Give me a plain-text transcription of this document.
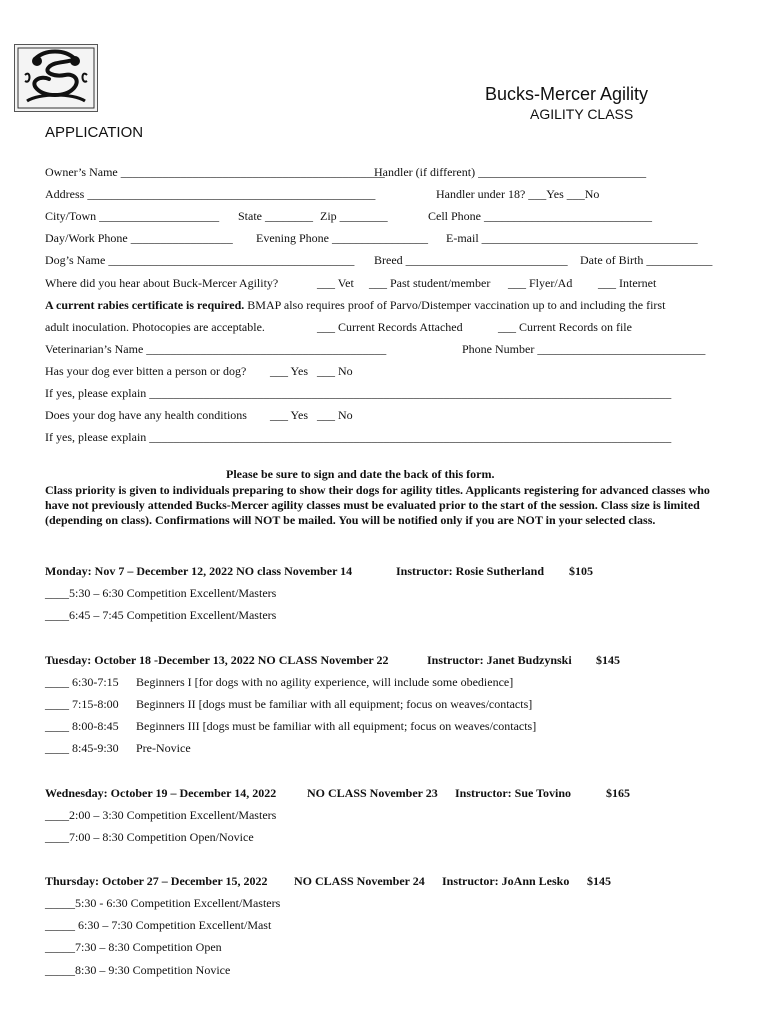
Bucks-Mercer Agility
AGILITY CLASS
APPLICATION
Owner’s Name ____________________________________________
Handler (if different) ____________________________
Address ________________________________________________	Handler under 18? ___Yes ___No
City/Town ____________________ State ________ Zip ________	Cell Phone ____________________________
Day/Work Phone _________________ Evening Phone ________________ E-mail ____________________________________
Dog’s Name _________________________________________ Breed ___________________________ Date of Birth ___________
Where did you hear about Buck-Mercer Agility?	___ Vet ___ Past student/member ___ Flyer/Ad ___ Internet
A current rabies certificate is required. BMAP also requires proof of Parvo/Distemper vaccination up to and including the first
adult inoculation. Photocopies are acceptable.	___ Current Records Attached	___ Current Records on file
Veterinarian’s Name ________________________________________	Phone Number ____________________________
Has your dog ever bitten a person or dog? ___ Yes ___ No
If yes, please explain _______________________________________________________________________________________
Does your dog have any health conditions ___ Yes ___ No
If yes, please explain _______________________________________________________________________________________
Please be sure to sign and date the back of this form.
Class priority is given to individuals preparing to show their dogs for agility titles. Applicants registering for advanced classes who have not previously attended Bucks-Mercer agility classes must be evaluated prior to the start of the session. Class size is limited (depending on class). Confirmations will NOT be mailed. You will be notified only if you are NOT in your selected class.
Monday: Nov 7 – December 12, 2022 NO class November 14	Instructor: Rosie Sutherland $105
____5:30 – 6:30 Competition Excellent/Masters
____6:45 – 7:45 Competition Excellent/Masters
Tuesday: October 18 -December 13, 2022 NO CLASS November 22	Instructor: Janet Budzynski $145
____ 6:30-7:15 Beginners I [for dogs with no agility experience, will include some obedience]
____ 7:15-8:00 Beginners II [dogs must be familiar with all equipment; focus on weaves/contacts]
____ 8:00-8:45 Beginners III [dogs must be familiar with all equipment; focus on weaves/contacts]
____ 8:45-9:30 Pre-Novice
Wednesday: October 19 – December 14, 2022	NO CLASS November 23 Instructor: Sue Tovino	$165
____2:00 – 3:30 Competition Excellent/Masters
____7:00 – 8:30 Competition Open/Novice
Thursday: October 27 – December 15, 2022 NO CLASS November 24 Instructor: JoAnn Lesko $145
_____5:30 - 6:30 Competition Excellent/Masters
_____ 6:30 – 7:30 Competition Excellent/Mast
_____7:30 – 8:30 Competition Open
_____8:30 – 9:30 Competition Novice
